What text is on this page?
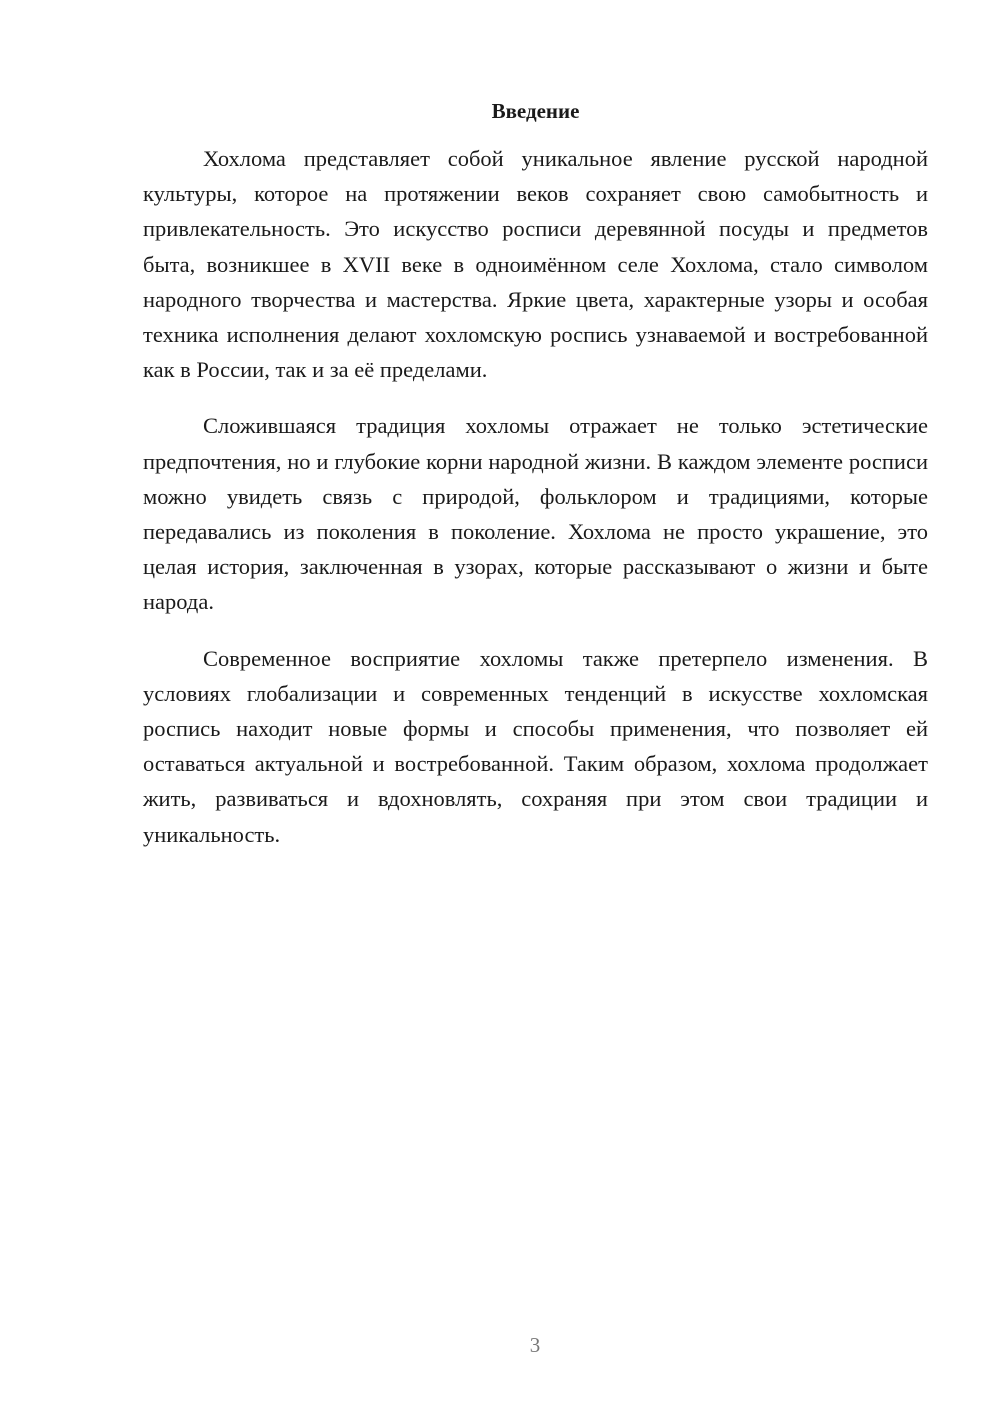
Введение

Хохлома представляет собой уникальное явление русской народной культуры, которое на протяжении веков сохраняет свою самобытность и привлекательность. Это искусство росписи деревянной посуды и предметов быта, возникшее в XVII веке в одноимённом селе Хохлома, стало символом народного творчества и мастерства. Яркие цвета, характерные узоры и особая техника исполнения делают хохломскую роспись узнаваемой и востребованной как в России, так и за её пределами.

Сложившаяся традиция хохломы отражает не только эстетические предпочтения, но и глубокие корни народной жизни. В каждом элементе росписи можно увидеть связь с природой, фольклором и традициями, которые передавались из поколения в поколение. Хохлома не просто украшение, это целая история, заключенная в узорах, которые рассказывают о жизни и быте народа.

Современное восприятие хохломы также претерпело изменения. В условиях глобализации и современных тенденций в искусстве хохломская роспись находит новые формы и способы применения, что позволяет ей оставаться актуальной и востребованной. Таким образом, хохлома продолжает жить, развиваться и вдохновлять, сохраняя при этом свои традиции и уникальность.

3
